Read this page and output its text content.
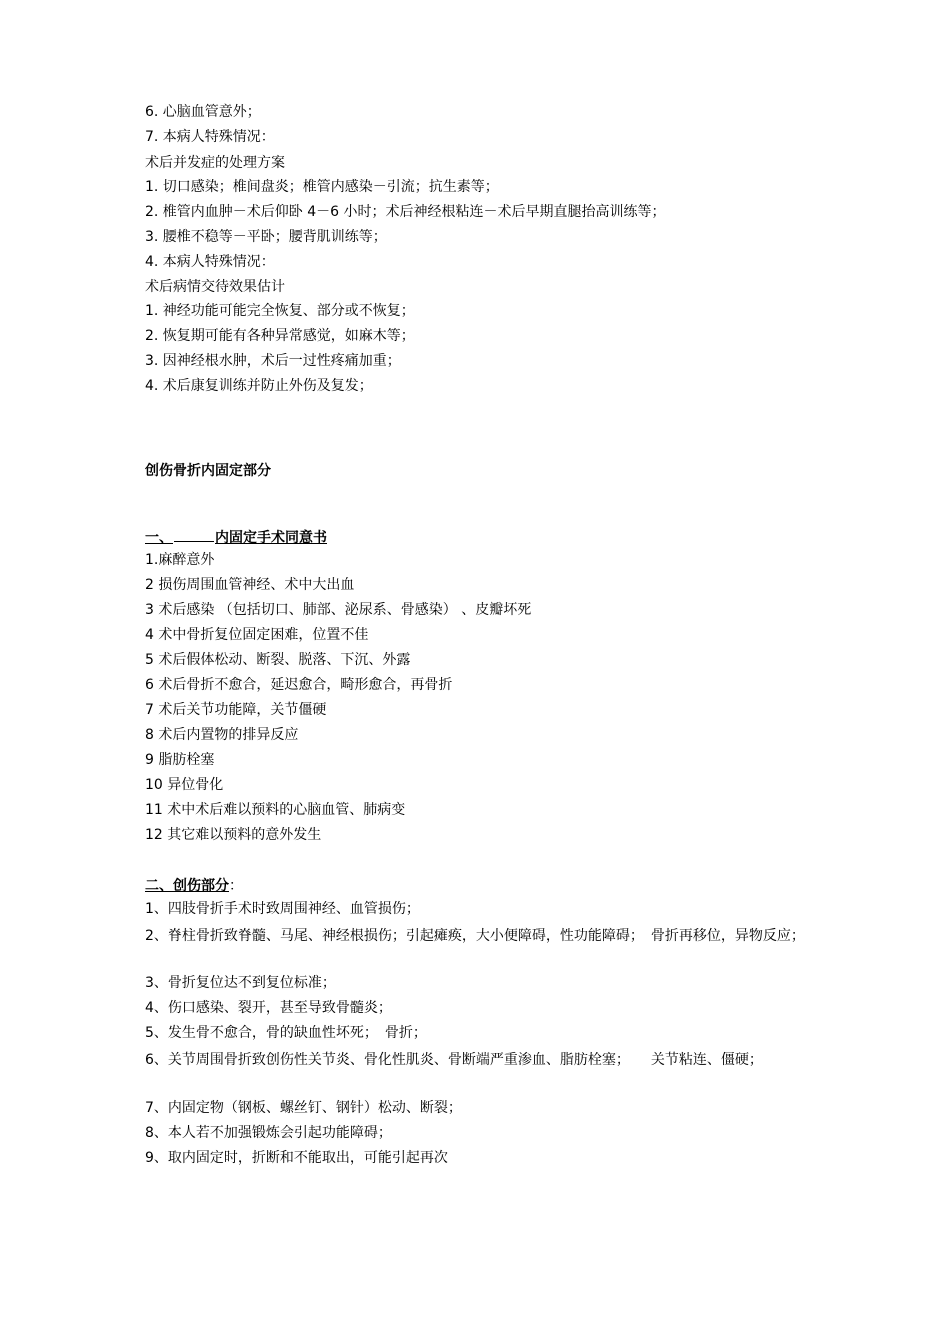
6. 心脑血管意外；
7. 本病人特殊情况：
术后并发症的处理方案
1. 切口感染；椎间盘炎；椎管内感染－引流；抗生素等；
2. 椎管内血肿－术后仰卧 4－6 小时；术后神经根粘连－术后早期直腿抬高训练等；
3. 腰椎不稳等－平卧；腰背肌训练等；
4. 本病人特殊情况：
术后病情交待效果估计
1. 神经功能可能完全恢复、部分或不恢复；
2. 恢复期可能有各种异常感觉，如麻木等；
3. 因神经根水肿，术后一过性疼痛加重；
4. 术后康复训练并防止外伤及复发；
创伤骨折内固定部分
一、	内固定手术同意书
1.麻醉意外
2 损伤周围血管神经、术中大出血
3 术后感染 （包括切口、肺部、泌尿系、骨感染） 、皮瓣坏死
4 术中骨折复位固定困难，位置不佳
5 术后假体松动、断裂、脱落、下沉、外露
6 术后骨折不愈合，延迟愈合，畸形愈合，再骨折
7 术后关节功能障，关节僵硬
8 术后内置物的排异反应
9 脂肪栓塞
10 异位骨化
11 术中术后难以预料的心脑血管、肺病变
12 其它难以预料的意外发生
二、创伤部分：
1、四肢骨折手术时致周围神经、血管损伤；
2、脊柱骨折致脊髓、马尾、神经根损伤；引起瘫痪，大小便障碍，性功能障碍；　骨折再移位，异物反应；
3、骨折复位达不到复位标准；
4、伤口感染、裂开，甚至导致骨髓炎；
5、发生骨不愈合，骨的缺血性坏死；　骨折；
6、关节周围骨折致创伤性关节炎、骨化性肌炎、骨断端严重渗血、脂肪栓塞；　　关节粘连、僵硬；
7、内固定物（钢板、螺丝钉、钢针）松动、断裂；
8、本人若不加强锻炼会引起功能障碍；
9、取内固定时，折断和不能取出，可能引起再次
